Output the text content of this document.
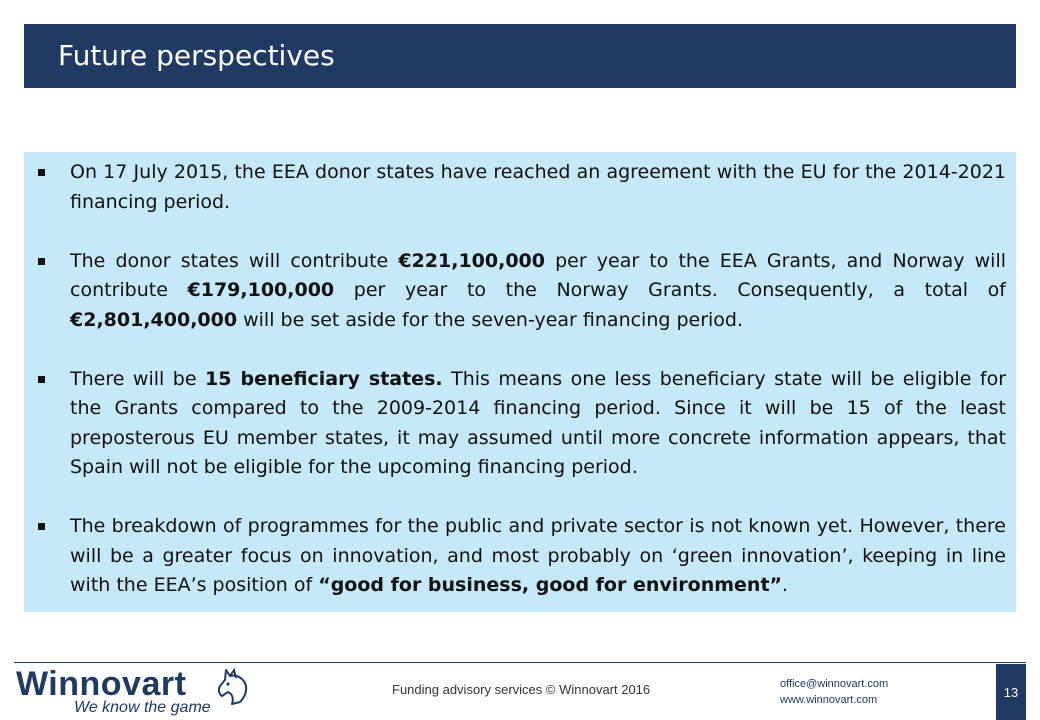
Future perspectives
On 17 July 2015, the EEA donor states have reached an agreement with the EU for the 2014-2021 financing period.
The donor states will contribute €221,100,000 per year to the EEA Grants, and Norway will contribute €179,100,000 per year to the Norway Grants. Consequently, a total of €2,801,400,000 will be set aside for the seven-year financing period.
There will be 15 beneficiary states. This means one less beneficiary state will be eligible for the Grants compared to the 2009-2014 financing period. Since it will be 15 of the least preposterous EU member states, it may assumed until more concrete information appears, that Spain will not be eligible for the upcoming financing period.
The breakdown of programmes for the public and private sector is not known yet. However, there will be a greater focus on innovation, and most probably on ‘green innovation’, keeping in line with the EEA’s position of “good for business, good for environment”.
Winnovart
We know the game
Funding advisory services © Winnovart 2016	office@winnovart.com
www.winnovart.com
13
